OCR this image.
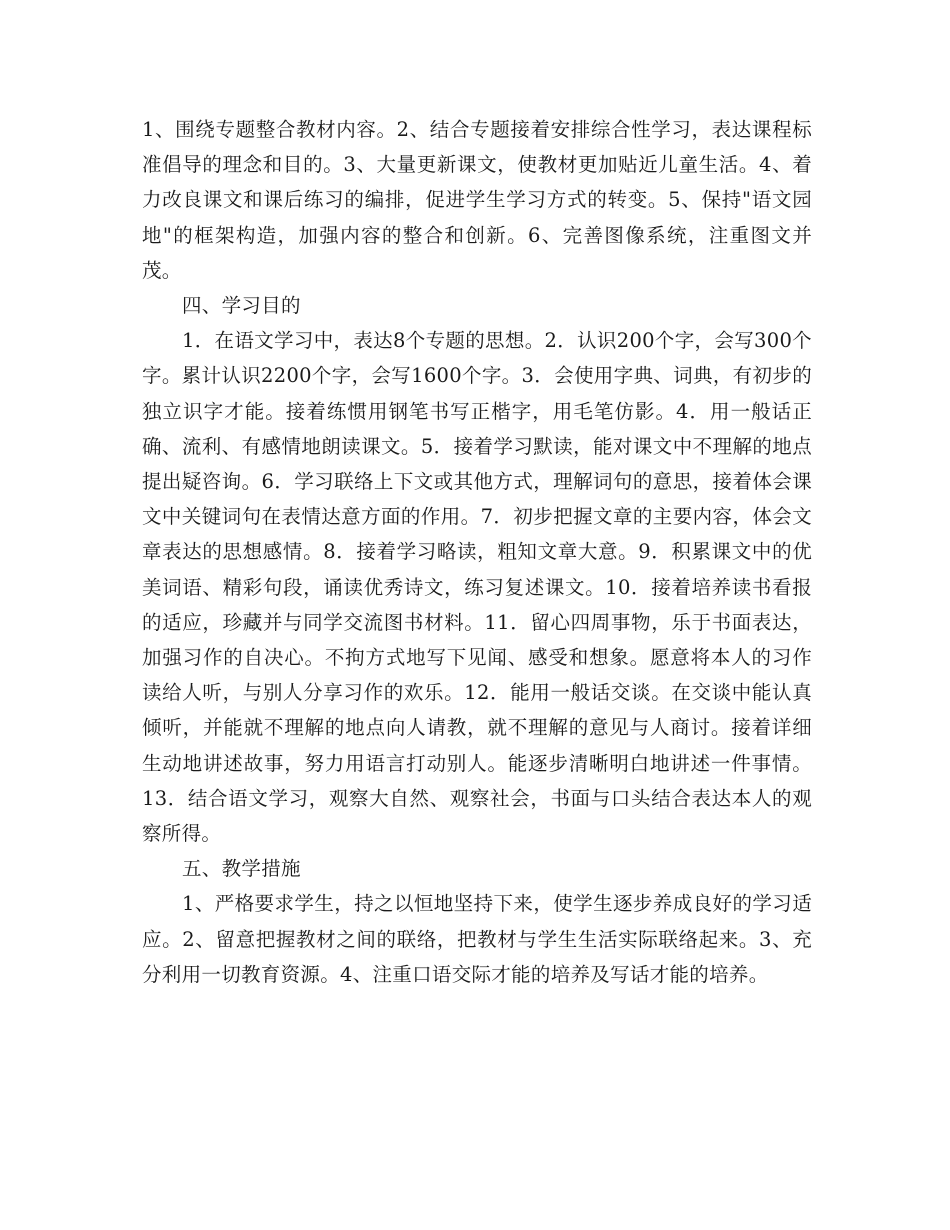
1、围绕专题整合教材内容。2、结合专题接着安排综合性学习，表达课程标准倡导的理念和目的。3、大量更新课文，使教材更加贴近儿童生活。4、着力改良课文和课后练习的编排，促进学生学习方式的转变。5、保持"语文园地"的框架构造，加强内容的整合和创新。6、完善图像系统，注重图文并茂。

四、学习目的

1．在语文学习中，表达8个专题的思想。2．认识200个字，会写300个字。累计认识2200个字，会写1600个字。3．会使用字典、词典，有初步的独立识字才能。接着练惯用钢笔书写正楷字，用毛笔仿影。4．用一般话正确、流利、有感情地朗读课文。5．接着学习默读，能对课文中不理解的地点提出疑咨询。6．学习联络上下文或其他方式，理解词句的意思，接着体会课文中关键词句在表情达意方面的作用。7．初步把握文章的主要内容，体会文章表达的思想感情。8．接着学习略读，粗知文章大意。9．积累课文中的优美词语、精彩句段，诵读优秀诗文，练习复述课文。10．接着培养读书看报的适应，珍藏并与同学交流图书材料。11．留心四周事物，乐于书面表达，加强习作的自决心。不拘方式地写下见闻、感受和想象。愿意将本人的习作读给人听，与别人分享习作的欢乐。12．能用一般话交谈。在交谈中能认真倾听，并能就不理解的地点向人请教，就不理解的意见与人商讨。接着详细生动地讲述故事，努力用语言打动别人。能逐步清晰明白地讲述一件事情。13．结合语文学习，观察大自然、观察社会，书面与口头结合表达本人的观察所得。

五、教学措施

1、严格要求学生，持之以恒地坚持下来，使学生逐步养成良好的学习适应。2、留意把握教材之间的联络，把教材与学生生活实际联络起来。3、充分利用一切教育资源。4、注重口语交际才能的培养及写话才能的培养。
